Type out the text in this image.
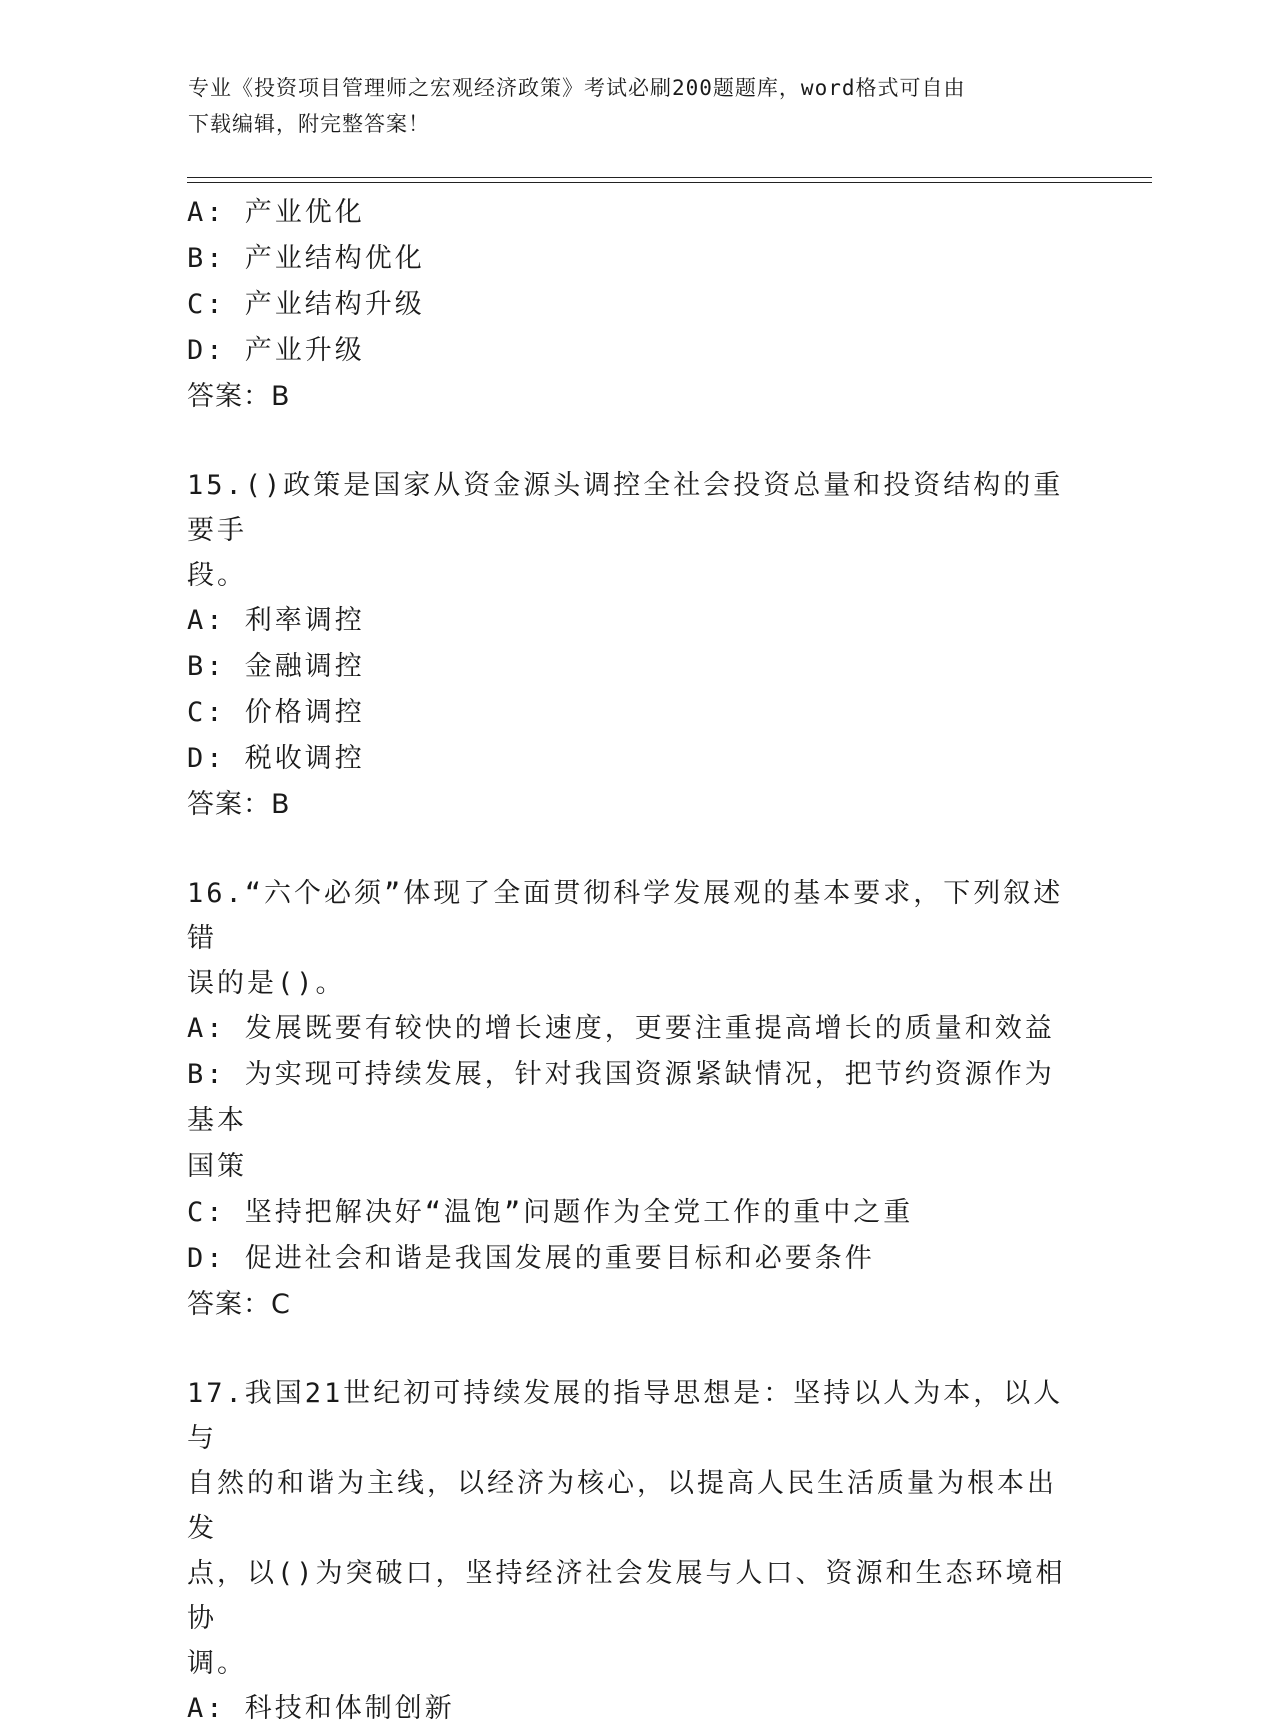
专业《投资项目管理师之宏观经济政策》考试必刷200题题库，word格式可自由
下载编辑，附完整答案！
A: 产业优化
B: 产业结构优化
C: 产业结构升级
D: 产业升级
答案：B
15.()政策是国家从资金源头调控全社会投资总量和投资结构的重要手
段。
A: 利率调控
B: 金融调控
C: 价格调控
D: 税收调控
答案：B
16.“六个必须”体现了全面贯彻科学发展观的基本要求，下列叙述错
误的是()。
A: 发展既要有较快的增长速度，更要注重提高增长的质量和效益
B: 为实现可持续发展，针对我国资源紧缺情况，把节约资源作为基本
国策
C: 坚持把解决好“温饱”问题作为全党工作的重中之重
D: 促进社会和谐是我国发展的重要目标和必要条件
答案：C
17.我国21世纪初可持续发展的指导思想是：坚持以人为本，以人与
自然的和谐为主线，以经济为核心，以提高人民生活质量为根本出发
点，以()为突破口，坚持经济社会发展与人口、资源和生态环境相协
调。
A: 科技和体制创新
